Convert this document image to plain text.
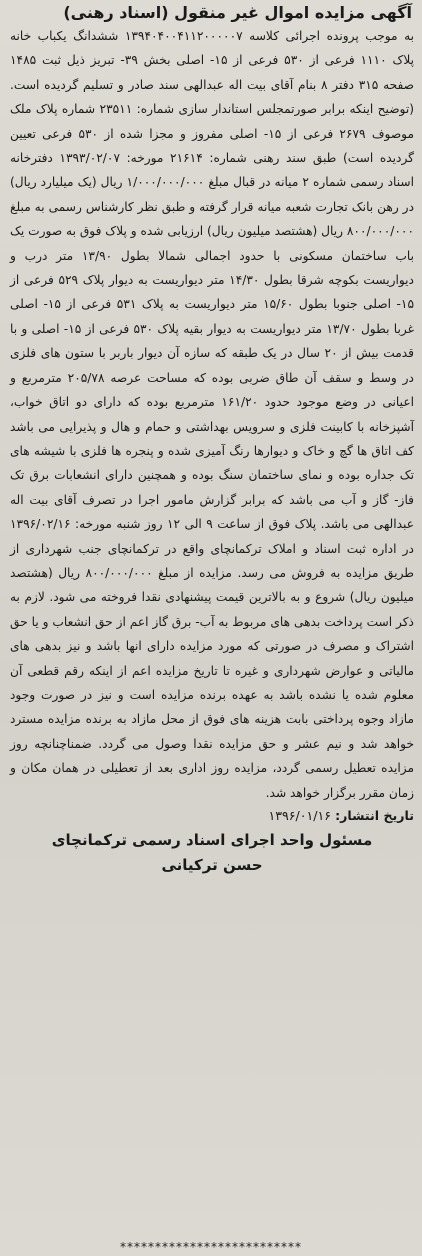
آگهی مزایده اموال غیر منقول (اسناد رهنی)

به موجب پرونده اجرائی کلاسه ۱۳۹۴۰۴۰۰۴۱۱۲۰۰۰۰۰۷ ششدانگ یکباب خانه پلاک ۱۱۱۰ فرعی از ۵۳۰ فرعی از ۱۵- اصلی بخش ۳۹- تبریز ذیل ثبت ۱۴۸۵ صفحه ۳۱۵ دفتر ۸ بنام آقای بیت اله عبدالهی سند صادر و تسلیم گردیده است. (توضیح اینکه برابر صورتمجلس استاندار سازی شماره: ۲۳۵۱۱ شماره پلاک ملک موصوف ۲۶۷۹ فرعی از ۱۵- اصلی مفروز و مجزا شده از ۵۳۰ فرعی تعیین گردیده است) طبق سند رهنی شماره: ۲۱۶۱۴ مورخه: ۱۳۹۳/۰۲/۰۷ دفترخانه اسناد رسمی شماره ۲ میانه در قبال مبلغ ۱/۰۰۰/۰۰۰/۰۰۰ ریال (یک میلیارد ریال) در رهن بانک تجارت شعبه میانه قرار گرفته و طبق نظر کارشناس رسمی به مبلغ ۸۰۰/۰۰۰/۰۰۰ ریال (هشتصد میلیون ریال) ارزیابی شده و پلاک فوق به صورت یک باب ساختمان مسکونی با حدود اجمالی شمالا بطول ۱۳/۹۰ متر درب و دیواریست بکوچه شرقا بطول ۱۴/۳۰ متر دیواریست به دیوار پلاک ۵۲۹ فرعی از ۱۵- اصلی جنوبا بطول ۱۵/۶۰ متر دیواریست به پلاک ۵۳۱ فرعی از ۱۵- اصلی غربا بطول ۱۳/۷۰ متر دیواریست به دیوار بقیه پلاک ۵۳۰ فرعی از ۱۵- اصلی و با قدمت بیش از ۲۰ سال در یک طبقه که سازه آن دیوار باربر با ستون های فلزی در وسط و سقف آن طاق ضربی بوده که مساحت عرصه ۲۰۵/۷۸ مترمربع و اعیانی در وضع موجود حدود ۱۶۱/۲۰ مترمربع بوده که دارای دو اتاق خواب، آشپزخانه با کابینت فلزی و سرویس بهداشتی و حمام و هال و پذیرایی می باشد کف اتاق ها گچ و خاک و دیوارها رنگ آمیزی شده و پنجره ها فلزی با شیشه های تک جداره بوده و نمای ساختمان سنگ بوده و همچنین دارای انشعابات برق تک فاز- گاز و آب می باشد که برابر گزارش مامور اجرا در تصرف آقای بیت اله عبدالهی می باشد. پلاک فوق از ساعت ۹ الی ۱۲ روز شنبه مورخه: ۱۳۹۶/۰۲/۱۶ در اداره ثبت اسناد و املاک ترکمانچای واقع در ترکمانچای جنب شهرداری از طریق مزایده به فروش می رسد. مزایده از مبلغ ۸۰۰/۰۰۰/۰۰۰ ریال (هشتصد میلیون ریال) شروع و به بالاترین قیمت پیشنهادی نقدا فروخته می شود. لازم به ذکر است پرداخت بدهی های مربوط به آب- برق گاز اعم از حق انشعاب و یا حق اشتراک و مصرف در صورتی که مورد مزایده دارای انها باشد و نیز بدهی های مالیاتی و عوارض شهرداری و غیره تا تاریخ مزایده اعم از اینکه رقم قطعی آن معلوم شده یا نشده باشد به عهده برنده مزایده است و نیز در صورت وجود مازاد وجوه پرداختی بابت هزینه های فوق از محل مازاد به برنده مزایده مسترد خواهد شد و نیم عشر و حق مزایده نقدا وصول می گردد. ضمناچنانچه روز مزایده تعطیل رسمی گردد، مزایده روز اداری بعد از تعطیلی در همان مکان و زمان مقرر برگزار خواهد شد.

تاریخ انتشار: ۱۳۹۶/۰۱/۱۶

مسئول واحد اجرای اسناد رسمی ترکمانچای

حسن ترکیانی

**************************
